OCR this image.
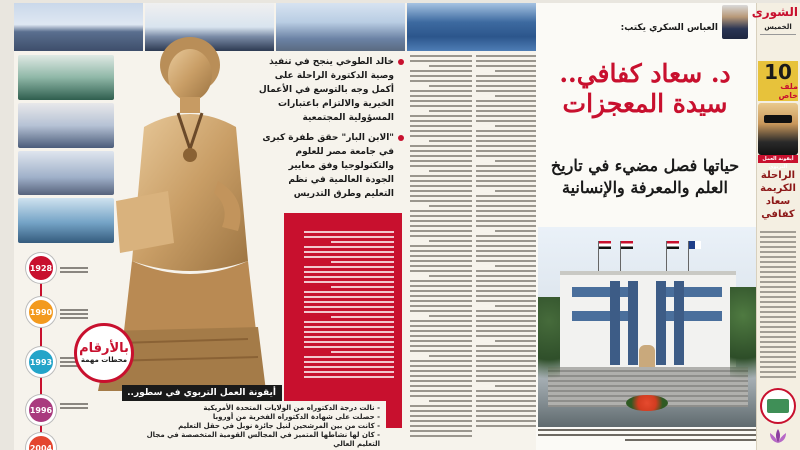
خالد الطوخي ينجح في تنفيذ وصية الدكتورة الراحلة على أكمل وجه بالتوسع في الأعمال الخيرية والالتزام باعتبارات المسؤولية المجتمعية
"الابن البار" حقق طفرة كبرى في جامعة مصر للعلوم والتكنولوجيا وفق معايير الجودة العالمية في نظم التعليم وطرق التدريس
1928
1990
1993
1996
2004
بالأرقام
محطات مهمة
أيقونة العمل التربوي في سطور..
- نالت درجة الدكتوراه من الولايات المتحدة الأمريكية
- حصلت على شهادة الدكتوراه الفخرية من أوروبا
- كانت من بين المرشحين لنيل جائزة نوبل في حقل التعليم
- كان لها نشاطها المتميز في المجالس القومية المتخصصة في مجال التعليم العالي
العباس السكري يكتب:
د. سعاد كفافي..
سيدة المعجزات
حياتها فصل مضيء في تاريخ العلم والمعرفة والإنسانية
الشورى
الخميس
10
ملف خاص
أيقونة العمل التربوي
الراحلة الكريمة سعاد كفافي
